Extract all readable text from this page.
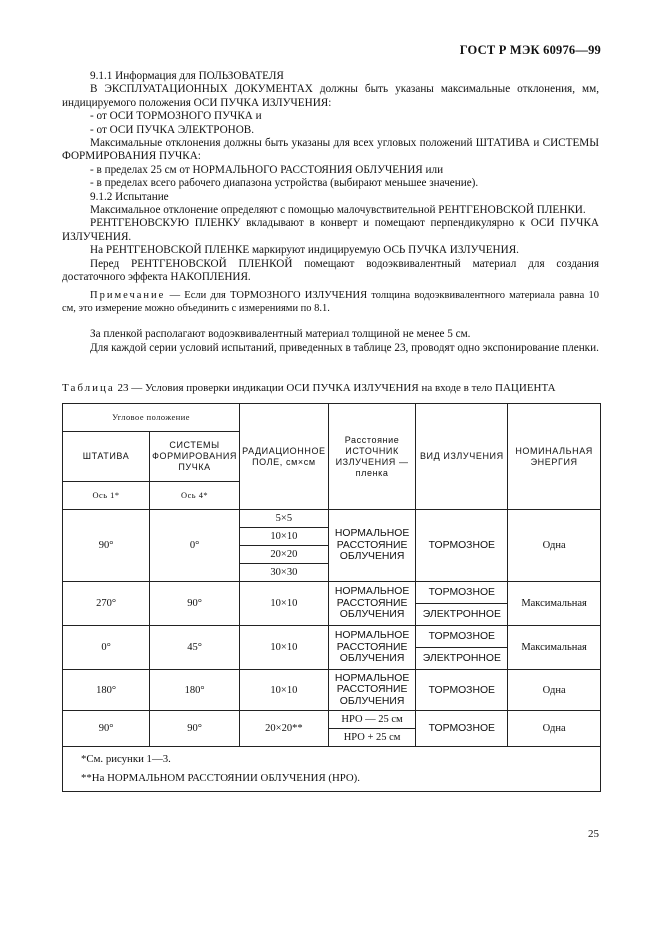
ГОСТ Р МЭК 60976—99

9.1.1 Информация для ПОЛЬЗОВАТЕЛЯ

В ЭКСПЛУАТАЦИОННЫХ ДОКУМЕНТАХ должны быть указаны максимальные отклонения, мм, индицируемого положения ОСИ ПУЧКА ИЗЛУЧЕНИЯ:

- от ОСИ ТОРМОЗНОГО ПУЧКА и

- от ОСИ ПУЧКА ЭЛЕКТРОНОВ.

Максимальные отклонения должны быть указаны для всех угловых положений ШТАТИВА и СИСТЕМЫ ФОРМИРОВАНИЯ ПУЧКА:

- в пределах 25 см от НОРМАЛЬНОГО РАССТОЯНИЯ ОБЛУЧЕНИЯ или

- в пределах всего рабочего диапазона устройства (выбирают меньшее значение).

9.1.2 Испытание

Максимальное отклонение определяют с помощью малочувствительной РЕНТГЕНОВСКОЙ ПЛЕНКИ.

РЕНТГЕНОВСКУЮ ПЛЕНКУ вкладывают в конверт и помещают перпендикулярно к ОСИ ПУЧКА ИЗЛУЧЕНИЯ.

На РЕНТГЕНОВСКОЙ ПЛЕНКЕ маркируют индицируемую ОСЬ ПУЧКА ИЗЛУЧЕНИЯ.

Перед РЕНТГЕНОВСКОЙ ПЛЕНКОЙ помещают водоэквивалентный материал для создания достаточного эффекта НАКОПЛЕНИЯ.

Примечание — Если для ТОРМОЗНОГО ИЗЛУЧЕНИЯ толщина водоэквивалентного материала равна 10 см, это измерение можно объединить с измерениями по 8.1.

За пленкой располагают водоэквивалентный материал толщиной не менее 5 см.

Для каждой серии условий испытаний, приведенных в таблице 23, проводят одно экспонирование пленки.

Таблица 23 — Условия проверки индикации ОСИ ПУЧКА ИЗЛУЧЕНИЯ на входе в тело ПАЦИЕНТА
Угловое положение		РАДИАЦИОННОЕ ПОЛЕ, см×см	Расстояние ИСТОЧНИК ИЗЛУЧЕНИЯ — пленка	ВИД ИЗЛУЧЕНИЯ	НОМИНАЛЬНАЯ ЭНЕРГИЯ
ШТАТИВА	СИСТЕМЫ ФОРМИРОВАНИЯ ПУЧКА				
Ось 1*	Ось 4*				
90°	0°	5×5	НОРМАЛЬНОЕ РАССТОЯНИЕ ОБЛУЧЕНИЯ	ТОРМОЗНОЕ	Одна
		10×10			
		20×20			
		30×30			
270°	90°	10×10	НОРМАЛЬНОЕ РАССТОЯНИЕ ОБЛУЧЕНИЯ	ТОРМОЗНОЕ	Максимальная
				ЭЛЕКТРОННОЕ	
0°	45°	10×10	НОРМАЛЬНОЕ РАССТОЯНИЕ ОБЛУЧЕНИЯ	ТОРМОЗНОЕ	Максимальная
				ЭЛЕКТРОННОЕ	
180°	180°	10×10	НОРМАЛЬНОЕ РАССТОЯНИЕ ОБЛУЧЕНИЯ	ТОРМОЗНОЕ	Одна
90°	90°	20×20**	НРО — 25 см	ТОРМОЗНОЕ	Одна
			НРО + 25 см		

*См. рисунки 1—3.
**На НОРМАЛЬНОМ РАССТОЯНИИ ОБЛУЧЕНИЯ (НРО).					
25
